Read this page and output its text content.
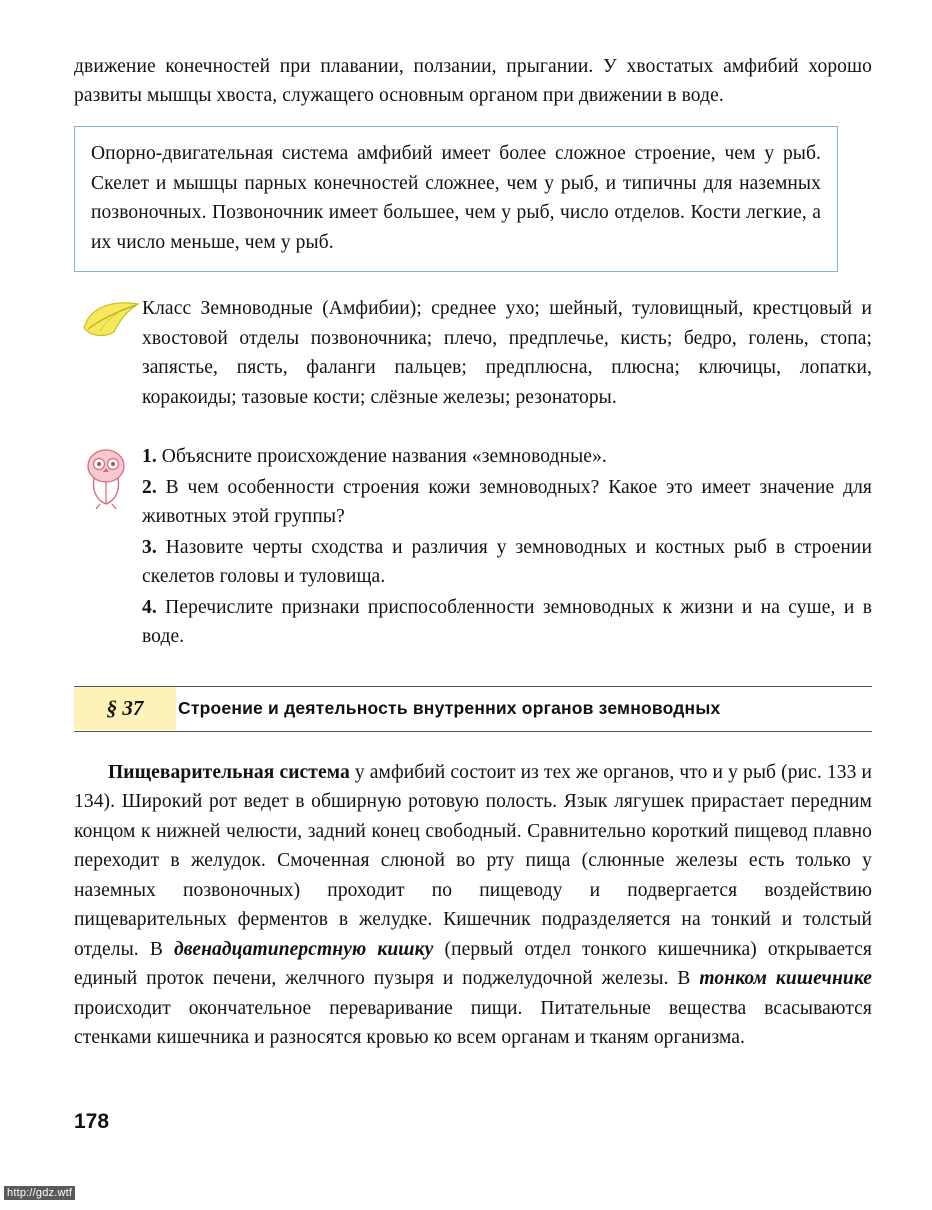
движение конечностей при плавании, ползании, прыгании. У хвостатых амфибий хорошо развиты мышцы хвоста, служащего основным органом при движении в воде.

Опорно-двигательная система амфибий имеет более сложное строение, чем у рыб. Скелет и мышцы парных конечностей сложнее, чем у рыб, и типичны для наземных позвоночных. Позвоночник имеет большее, чем у рыб, число отделов. Кости легкие, а их число меньше, чем у рыб.

Класс Земноводные (Амфибии); среднее ухо; шейный, туловищный, крестцовый и хвостовой отделы позвоночника; плечо, предплечье, кисть; бедро, голень, стопа; запястье, пясть, фаланги пальцев; предплюсна, плюсна; ключицы, лопатки, коракоиды; тазовые кости; слёзные железы; резонаторы.

1. Объясните происхождение названия «земноводные».

2. В чем особенности строения кожи земноводных? Какое это имеет значение для животных этой группы?

3. Назовите черты сходства и различия у земноводных и костных рыб в строении скелетов головы и туловища.

4. Перечислите признаки приспособленности земноводных к жизни и на суше, и в воде.

§ 37	Строение и деятельность внутренних органов земноводных

Пищеварительная система у амфибий состоит из тех же органов, что и у рыб (рис. 133 и 134). Широкий рот ведет в обширную ротовую полость. Язык лягушек прирастает передним концом к нижней челюсти, задний конец свободный. Сравнительно короткий пищевод плавно переходит в желудок. Смоченная слюной во рту пища (слюнные железы есть только у наземных позвоночных) проходит по пищеводу и подвергается воздействию пищеварительных ферментов в желудке. Кишечник подразделяется на тонкий и толстый отделы. В двенадцатиперстную кишку (первый отдел тонкого кишечника) открывается единый проток печени, желчного пузыря и поджелудочной железы. В тонком кишечнике происходит окончательное переваривание пищи. Питательные вещества всасываются стенками кишечника и разносятся кровью ко всем органам и тканям организма.

178
http://gdz.wtf
